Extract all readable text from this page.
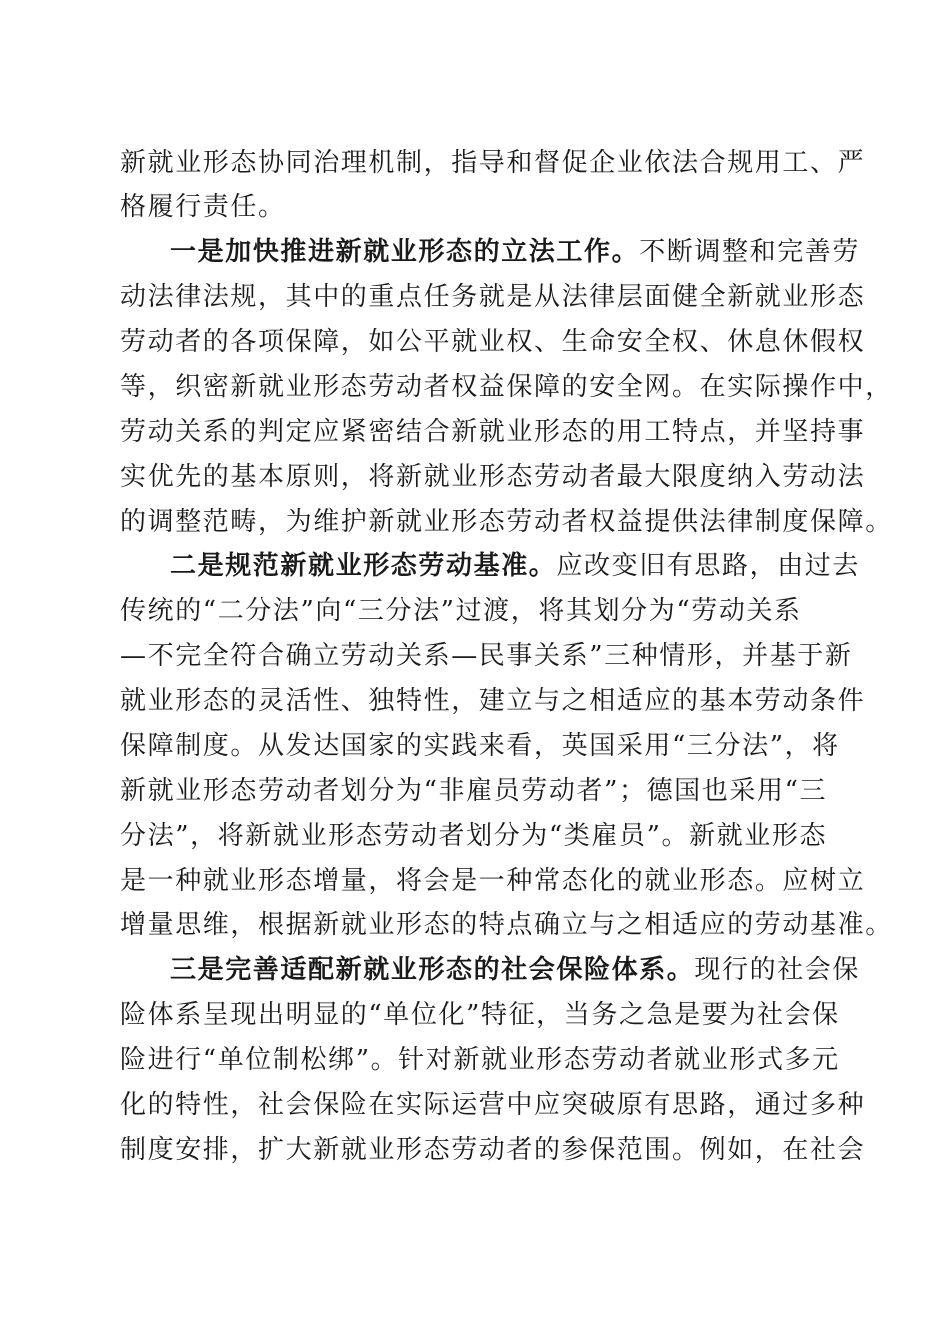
新就业形态协同治理机制，指导和督促企业依法合规用工、严
格履行责任。
一是加快推进新就业形态的立法工作。不断调整和完善劳
动法律法规，其中的重点任务就是从法律层面健全新就业形态
劳动者的各项保障，如公平就业权、生命安全权、休息休假权
等，织密新就业形态劳动者权益保障的安全网。在实际操作中，
劳动关系的判定应紧密结合新就业形态的用工特点，并坚持事
实优先的基本原则，将新就业形态劳动者最大限度纳入劳动法
的调整范畴，为维护新就业形态劳动者权益提供法律制度保障。
二是规范新就业形态劳动基准。应改变旧有思路，由过去
传统的“二分法”向“三分法”过渡，将其划分为“劳动关系
—不完全符合确立劳动关系—民事关系”三种情形，并基于新
就业形态的灵活性、独特性，建立与之相适应的基本劳动条件
保障制度。从发达国家的实践来看，英国采用“三分法”，将
新就业形态劳动者划分为“非雇员劳动者”；德国也采用“三
分法”，将新就业形态劳动者划分为“类雇员”。新就业形态
是一种就业形态增量，将会是一种常态化的就业形态。应树立
增量思维，根据新就业形态的特点确立与之相适应的劳动基准。
三是完善适配新就业形态的社会保险体系。现行的社会保
险体系呈现出明显的“单位化”特征，当务之急是要为社会保
险进行“单位制松绑”。针对新就业形态劳动者就业形式多元
化的特性，社会保险在实际运营中应突破原有思路，通过多种
制度安排，扩大新就业形态劳动者的参保范围。例如，在社会
